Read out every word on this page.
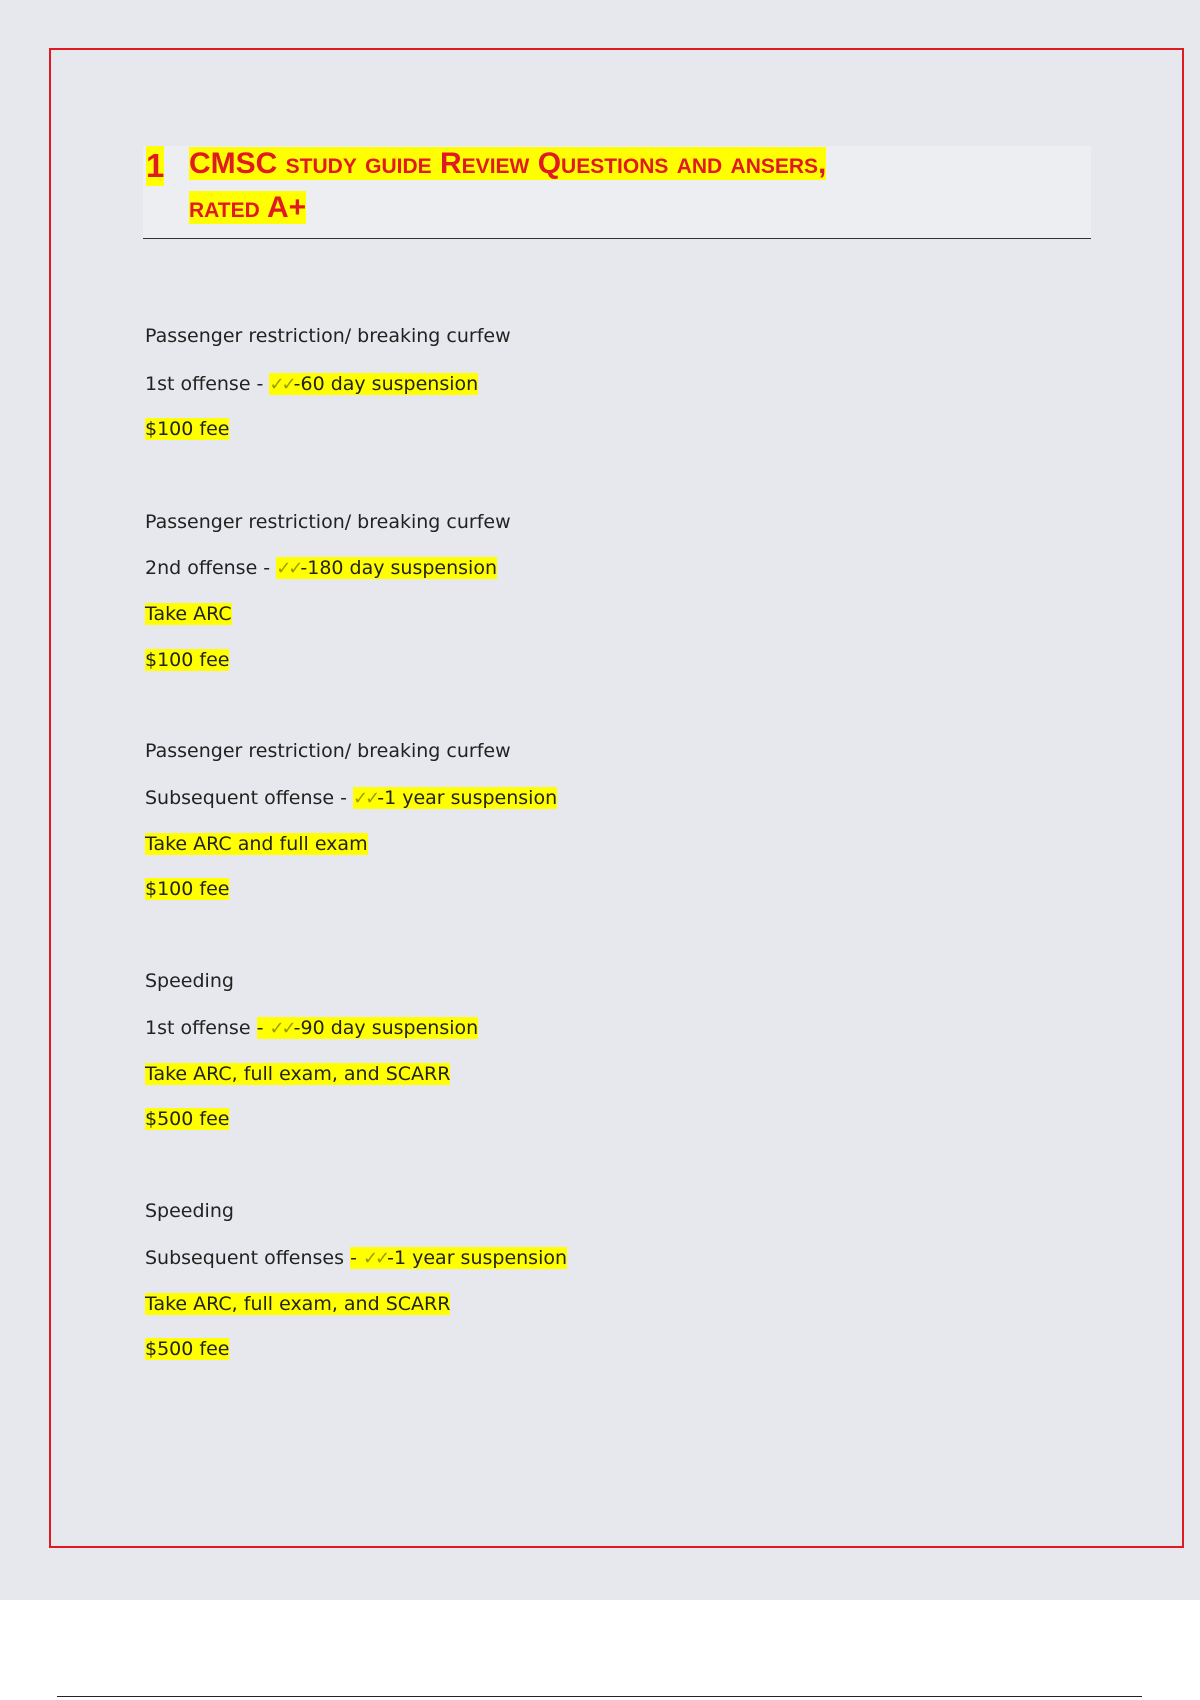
1 CMSC study guide Review Questions and ansers,
rated A+
Passenger restriction/ breaking curfew
1st offense - ✓✓-60 day suspension
$100 fee
Passenger restriction/ breaking curfew
2nd offense - ✓✓-180 day suspension
Take ARC
$100 fee
Passenger restriction/ breaking curfew
Subsequent offense - ✓✓-1 year suspension
Take ARC and full exam
$100 fee
Speeding
1st offense - ✓✓-90 day suspension
Take ARC, full exam, and SCARR
$500 fee
Speeding
Subsequent offenses - ✓✓-1 year suspension
Take ARC, full exam, and SCARR
$500 fee
